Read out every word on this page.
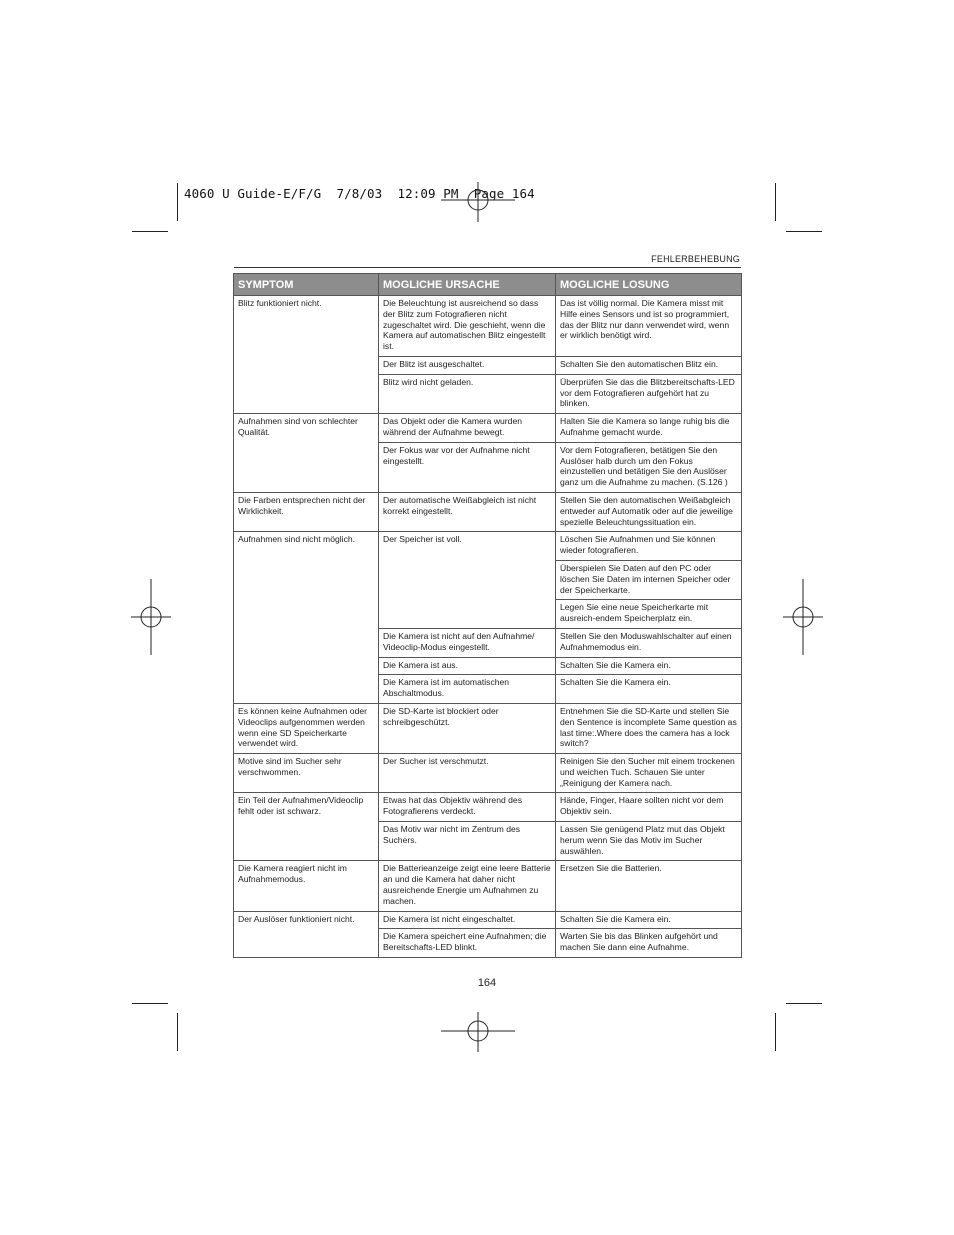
4060 U Guide-E/F/G  7/8/03  12:09 PM  Page 164
FEHLERBEHEBUNG
SYMPTOM	MOGLICHE URSACHE	MOGLICHE LOSUNG
Blitz funktioniert nicht.	Die Beleuchtung ist ausreichend so dass der Blitz zum Fotografieren nicht zugeschaltet wird. Die geschieht, wenn die Kamera auf automatischen Blitz eingestellt ist.	Das ist völlig normal. Die Kamera misst mit Hilfe eines Sensors und ist so programmiert, das der Blitz nur dann verwendet wird, wenn er wirklich benötigt wird.
	Der Blitz ist ausgeschaltet.	Schalten Sie den automatischen Blitz ein.
	Blitz wird nicht geladen.	Überprüfen Sie das die Blitzbereitschafts-LED vor dem Fotografieren aufgehört hat zu blinken.
Aufnahmen sind von schlechter Qualität.	Das Objekt oder die Kamera wurden während der Aufnahme bewegt.	Halten Sie die Kamera so lange ruhig bis die Aufnahme gemacht wurde.
	Der Fokus war vor der Aufnahme nicht eingestellt.	Vor dem Fotografieren, betätigen Sie den Auslöser halb durch um den Fokus einzustellen und betätigen Sie den Auslöser ganz um die Aufnahme zu machen. (S.126 )
Die Farben entsprechen nicht der Wirklichkeit.	Der automatische Weißabgleich ist nicht korrekt eingestellt.	Stellen Sie den automatischen Weißabgleich entweder auf Automatik oder auf die jeweilige spezielle Beleuchtungssituation ein.
Aufnahmen sind nicht möglich.	Der Speicher ist voll.	Löschen Sie Aufnahmen und Sie können wieder fotografieren.
		Überspielen Sie Daten auf den PC oder löschen Sie Daten im internen Speicher oder der Speicherkarte.
		Legen Sie eine neue Speicherkarte mit ausreich-endem Speicherplatz ein.
	Die Kamera ist nicht auf den Aufnahme/ Videoclip-Modus eingestellt.	Stellen Sie den Moduswahlschalter auf einen Aufnahmemodus ein.
	Die Kamera ist aus.	Schalten Sie die Kamera ein.
	Die Kamera ist im automatischen Abschaltmodus.	Schalten Sie die Kamera ein.
Es können keine Aufnahmen oder Videoclips aufgenommen werden wenn eine SD Speicherkarte verwendet wird.	Die SD-Karte ist blockiert oder schreibgeschützt.	Entnehmen Sie die SD-Karte und stellen Sie den Sentence is incomplete Same question as last time:.Where does the camera has a lock switch?
Motive sind im Sucher sehr verschwommen.	Der Sucher ist verschmutzt.	Reinigen Sie den Sucher mit einem trockenen und weichen Tuch. Schauen Sie unter „Reinigung der Kamera nach.
Ein Teil der Aufnahmen/Videoclip fehlt oder ist schwarz.	Etwas hat das Objektiv während des Fotografierens verdeckt.	Hände, Finger, Haare sollten nicht vor dem Objektiv sein.
	Das Motiv war nicht im Zentrum des Suchers.	Lassen Sie genügend Platz mut das Objekt herum wenn Sie das Motiv im Sucher auswählen.
Die Kamera reagiert nicht im Aufnahmemodus.	Die Batterieanzeige zeigt eine leere Batterie an und die Kamera hat daher nicht ausreichende Energie um Aufnahmen zu machen.	Ersetzen Sie die Batterien.
Der Auslöser funktioniert nicht.	Die Kamera ist nicht eingeschaltet.	Schalten Sie die Kamera ein.
	Die Kamera speichert eine Aufnahmen; die Bereitschafts-LED blinkt.	Warten Sie bis das Blinken aufgehört und machen Sie dann eine Aufnahme.
164
